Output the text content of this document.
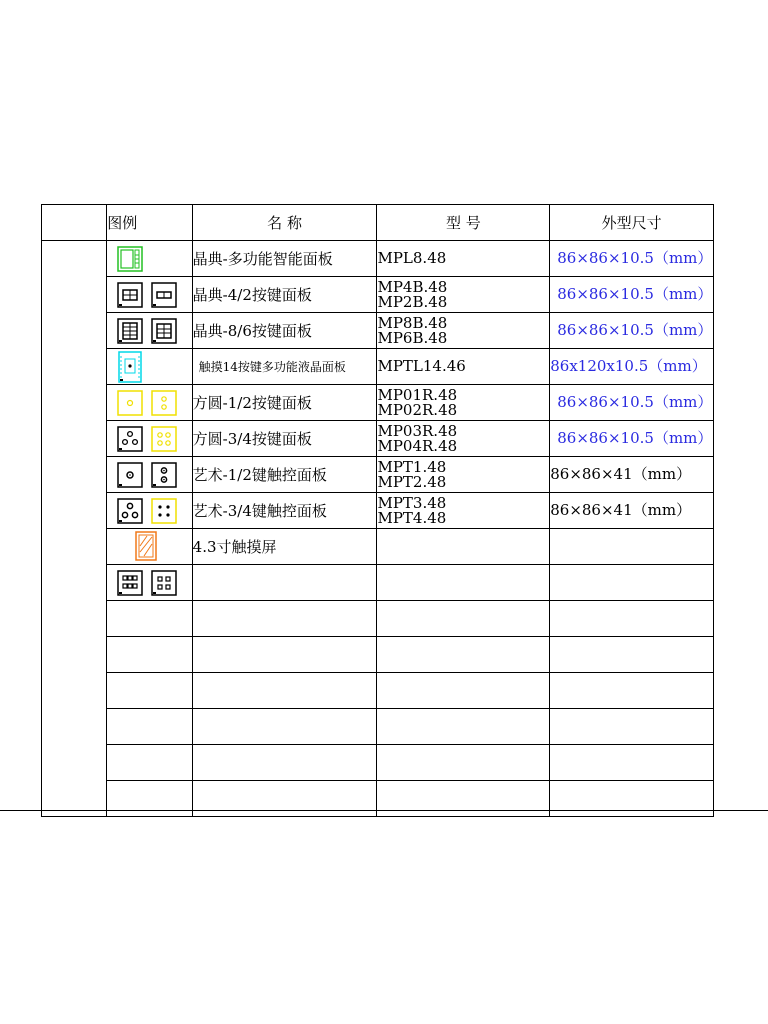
	图例	名 称	型 号	外型尺寸

	晶典-多功能智能面板	MPL8.48	86×86×10.5（mm）

	晶典-4/2按键面板	MP4B.48
MP2B.48	86×86×10.5（mm）

	晶典-8/6按键面板	MP8B.48
MP6B.48	86×86×10.5（mm）

	触摸14按键多功能液晶面板	MPTL14.46	86x120x10.5（mm）

	方圆-1/2按键面板	MP01R.48
MP02R.48	86×86×10.5（mm）

	方圆-3/4按键面板	MP03R.48
MP04R.48	86×86×10.5（mm）

	艺术-1/2键触控面板	MPT1.48
MPT2.48	86×86×41（mm）

	艺术-3/4键触控面板	MPT3.48
MPT4.48	86×86×41（mm）

	4.3寸触摸屏		
